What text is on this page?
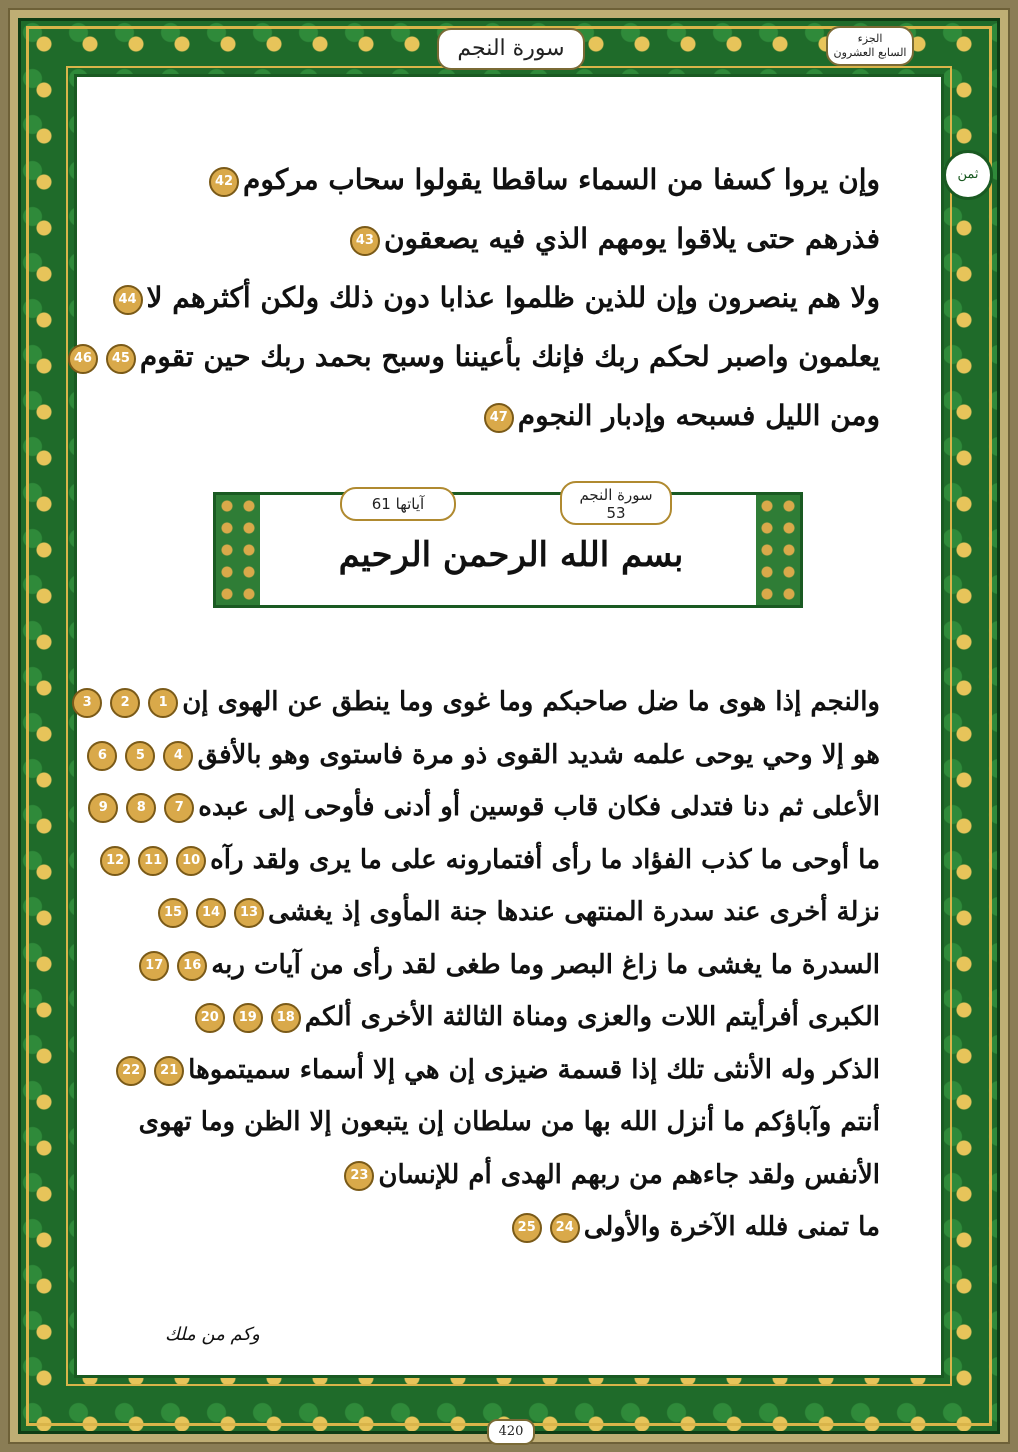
سورة النجم	الجزء
السابع العشرون
ثمن
وإن يروا كسفا من السماء ساقطا يقولوا سحاب مركوم42
فذرهم حتى يلاقوا يومهم الذي فيه يصعقون43
ولا هم ينصرون وإن للذين ظلموا عذابا دون ذلك ولكن أكثرهم لا44
يعلمون واصبر لحكم ربك فإنك بأعيننا وسبح بحمد ربك حين تقوم4546
ومن الليل فسبحه وإدبار النجوم47
سورة النجم
53
آياتها 61
بسم الله الرحمن الرحيم
والنجم إذا هوى ما ضل صاحبكم وما غوى وما ينطق عن الهوى إن123
هو إلا وحي يوحى علمه شديد القوى ذو مرة فاستوى وهو بالأفق456
الأعلى ثم دنا فتدلى فكان قاب قوسين أو أدنى فأوحى إلى عبده789
ما أوحى ما كذب الفؤاد ما رأى أفتمارونه على ما يرى ولقد رآه101112
نزلة أخرى عند سدرة المنتهى عندها جنة المأوى إذ يغشى131415
السدرة ما يغشى ما زاغ البصر وما طغى لقد رأى من آيات ربه1617
الكبرى أفرأيتم اللات والعزى ومناة الثالثة الأخرى ألكم181920
الذكر وله الأنثى تلك إذا قسمة ضيزى إن هي إلا أسماء سميتموها2122
أنتم وآباؤكم ما أنزل الله بها من سلطان إن يتبعون إلا الظن وما تهوى
الأنفس ولقد جاءهم من ربهم الهدى أم للإنسان23
ما تمنى فلله الآخرة والأولى2425
وكم من ملك
420
